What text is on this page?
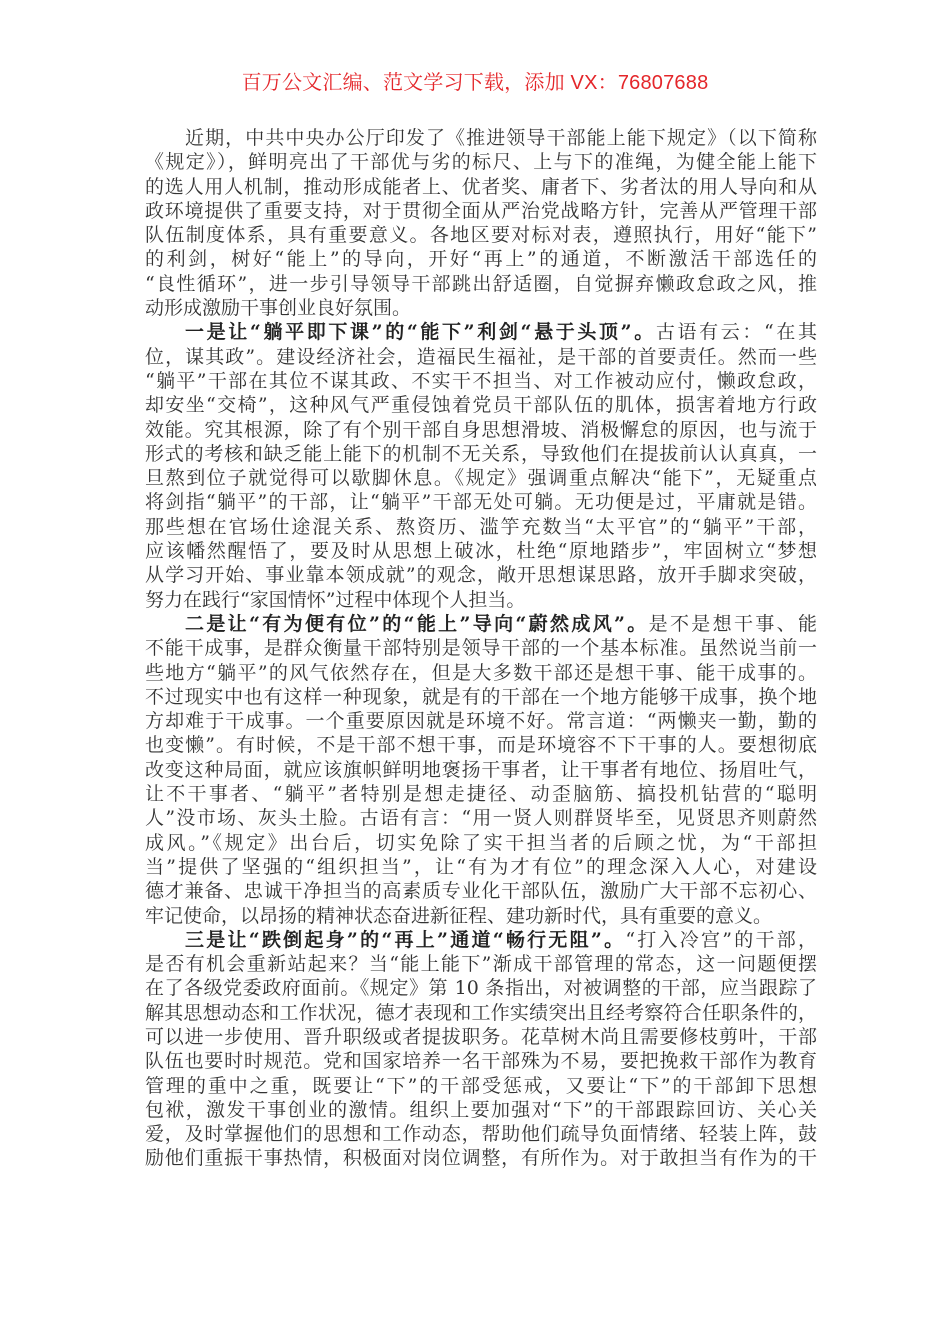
百万公文汇编、范文学习下载，添加 VX：76807688
近期，中共中央办公厅印发了《推进领导干部能上能下规定》（以下简称
《规定》），鲜明亮出了干部优与劣的标尺、上与下的准绳，为健全能上能下
的选人用人机制，推动形成能者上、优者奖、庸者下、劣者汰的用人导向和从
政环境提供了重要支持，对于贯彻全面从严治党战略方针，完善从严管理干部
队伍制度体系，具有重要意义。各地区要对标对表，遵照执行，用好“能下”
的利剑，树好“能上”的导向，开好“再上”的通道，不断激活干部选任的
“良性循环”，进一步引导领导干部跳出舒适圈，自觉摒弃懒政怠政之风，推
动形成激励干事创业良好氛围。
一是让“躺平即下课”的“能下”利剑“悬于头顶”。古语有云：“在其
位，谋其政”。建设经济社会，造福民生福祉，是干部的首要责任。然而一些
“躺平”干部在其位不谋其政、不实干不担当、对工作被动应付，懒政怠政，
却安坐“交椅”，这种风气严重侵蚀着党员干部队伍的肌体，损害着地方行政
效能。究其根源，除了有个别干部自身思想滑坡、消极懈怠的原因，也与流于
形式的考核和缺乏能上能下的机制不无关系，导致他们在提拔前认认真真，一
旦熬到位子就觉得可以歇脚休息。《规定》强调重点解决“能下”，无疑重点
将剑指“躺平”的干部，让“躺平”干部无处可躺。无功便是过，平庸就是错。
那些想在官场仕途混关系、熬资历、滥竽充数当“太平官”的“躺平”干部，
应该幡然醒悟了，要及时从思想上破冰，杜绝“原地踏步”，牢固树立“梦想
从学习开始、事业靠本领成就”的观念，敞开思想谋思路，放开手脚求突破，
努力在践行“家国情怀”过程中体现个人担当。
二是让“有为便有位”的“能上”导向“蔚然成风”。是不是想干事、能
不能干成事，是群众衡量干部特别是领导干部的一个基本标准。虽然说当前一
些地方“躺平”的风气依然存在，但是大多数干部还是想干事、能干成事的。
不过现实中也有这样一种现象，就是有的干部在一个地方能够干成事，换个地
方却难于干成事。一个重要原因就是环境不好。常言道：“两懒夹一勤，勤的
也变懒”。有时候，不是干部不想干事，而是环境容不下干事的人。要想彻底
改变这种局面，就应该旗帜鲜明地褒扬干事者，让干事者有地位、扬眉吐气，
让不干事者、“躺平”者特别是想走捷径、动歪脑筋、搞投机钻营的“聪明
人”没市场、灰头土脸。古语有言：“用一贤人则群贤毕至，见贤思齐则蔚然
成风。”《规定》出台后，切实免除了实干担当者的后顾之忧，为“干部担
当”提供了坚强的“组织担当”，让“有为才有位”的理念深入人心，对建设
德才兼备、忠诚干净担当的高素质专业化干部队伍，激励广大干部不忘初心、
牢记使命，以昂扬的精神状态奋进新征程、建功新时代，具有重要的意义。
三是让“跌倒起身”的“再上”通道“畅行无阻”。“打入冷宫”的干部，
是否有机会重新站起来？当“能上能下”渐成干部管理的常态，这一问题便摆
在了各级党委政府面前。《规定》第 10 条指出，对被调整的干部，应当跟踪了
解其思想动态和工作状况，德才表现和工作实绩突出且经考察符合任职条件的，
可以进一步使用、晋升职级或者提拔职务。花草树木尚且需要修枝剪叶，干部
队伍也要时时规范。党和国家培养一名干部殊为不易，要把挽救干部作为教育
管理的重中之重，既要让“下”的干部受惩戒，又要让“下”的干部卸下思想
包袱，激发干事创业的激情。组织上要加强对“下”的干部跟踪回访、关心关
爱，及时掌握他们的思想和工作动态，帮助他们疏导负面情绪、轻装上阵，鼓
励他们重振干事热情，积极面对岗位调整，有所作为。对于敢担当有作为的干
